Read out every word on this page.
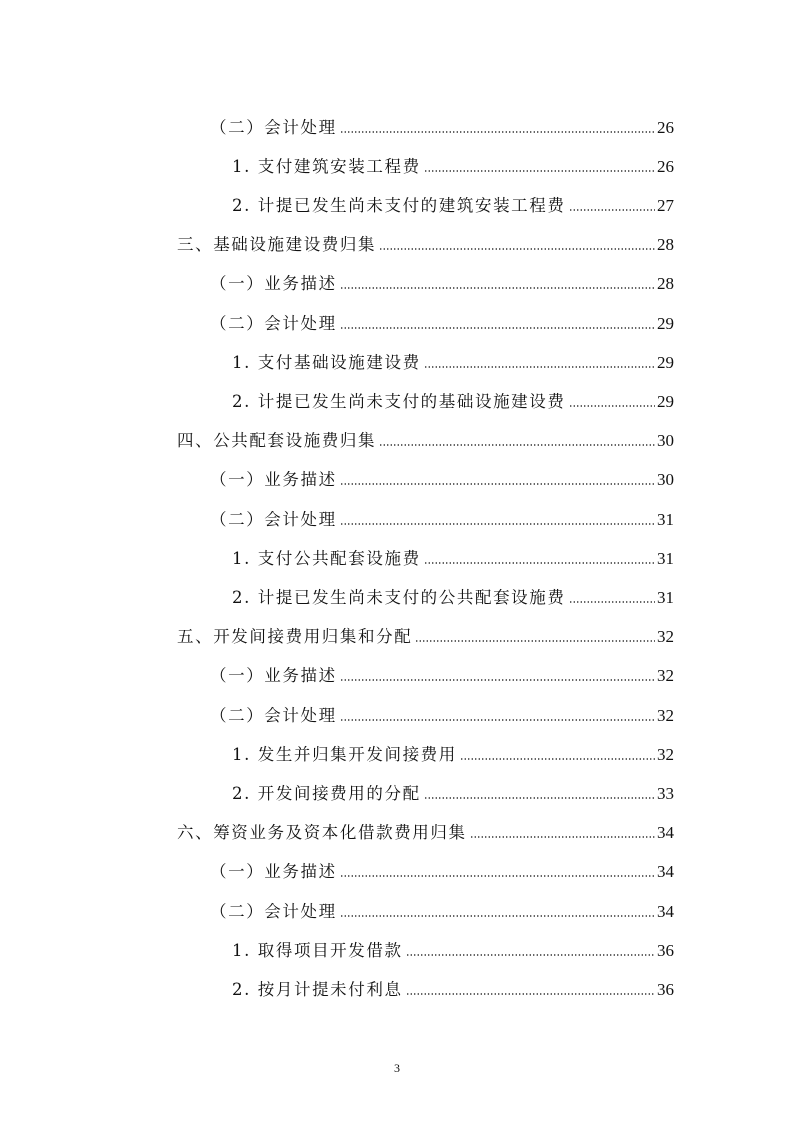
（二）会计处理	26
1. 支付建筑安装工程费	26
2. 计提已发生尚未支付的建筑安装工程费	27
三、基础设施建设费归集	28
（一）业务描述	28
（二）会计处理	29
1. 支付基础设施建设费	29
2. 计提已发生尚未支付的基础设施建设费	29
四、公共配套设施费归集	30
（一）业务描述	30
（二）会计处理	31
1. 支付公共配套设施费	31
2. 计提已发生尚未支付的公共配套设施费	31
五、开发间接费用归集和分配	32
（一）业务描述	32
（二）会计处理	32
1. 发生并归集开发间接费用	32
2. 开发间接费用的分配	33
六、筹资业务及资本化借款费用归集	34
（一）业务描述	34
（二）会计处理	34
1. 取得项目开发借款	36
2. 按月计提未付利息	36
3
